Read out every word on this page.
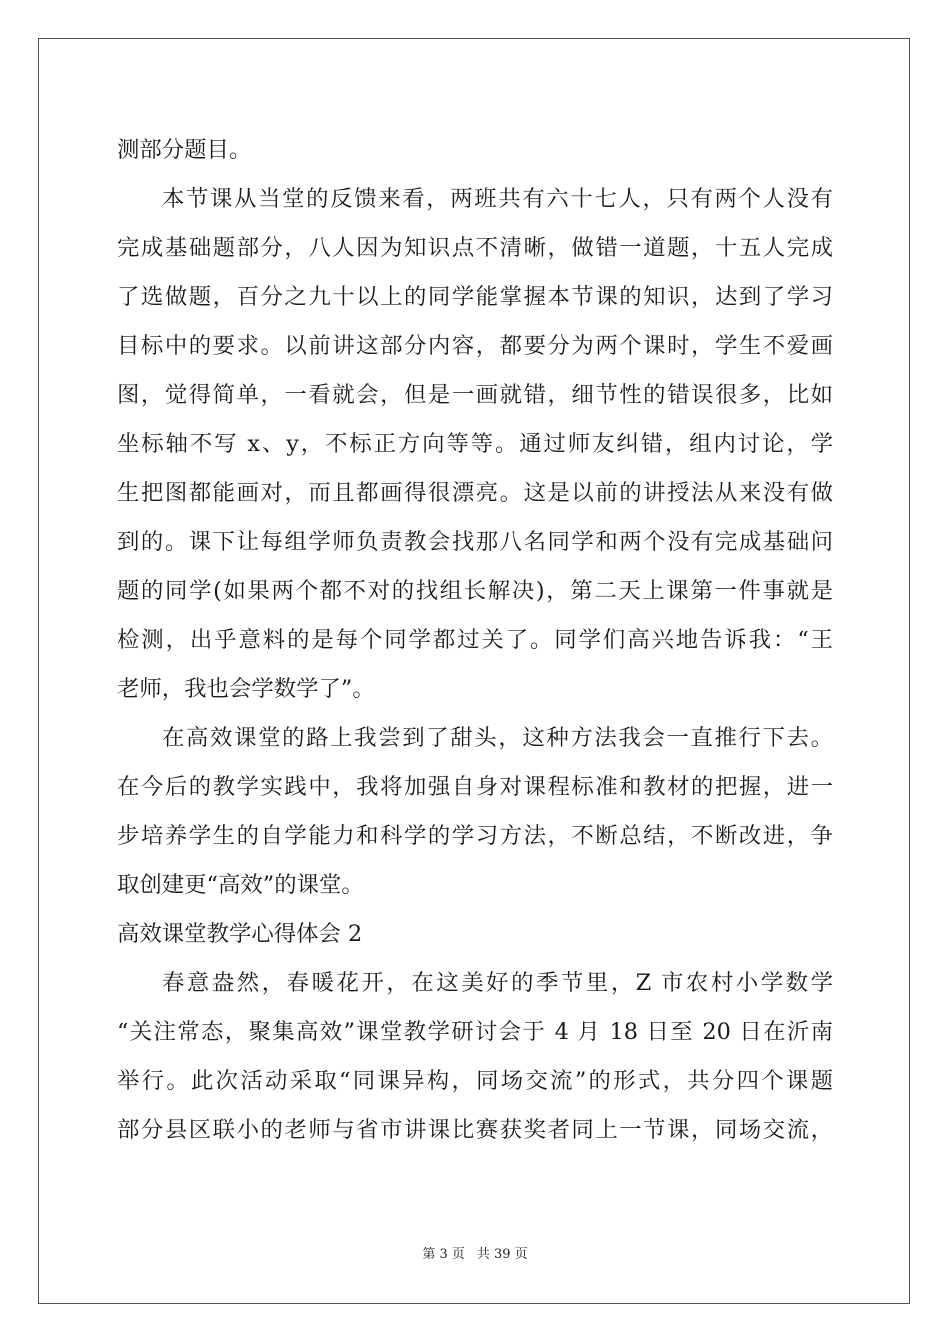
测部分题目。
本节课从当堂的反馈来看，两班共有六十七人，只有两个人没有
完成基础题部分，八人因为知识点不清晰，做错一道题，十五人完成
了选做题，百分之九十以上的同学能掌握本节课的知识，达到了学习
目标中的要求。以前讲这部分内容，都要分为两个课时，学生不爱画
图，觉得简单，一看就会，但是一画就错，细节性的错误很多，比如
坐标轴不写 x、y，不标正方向等等。通过师友纠错，组内讨论，学
生把图都能画对，而且都画得很漂亮。这是以前的讲授法从来没有做
到的。课下让每组学师负责教会找那八名同学和两个没有完成基础问
题的同学(如果两个都不对的找组长解决)，第二天上课第一件事就是
检测，出乎意料的是每个同学都过关了。同学们高兴地告诉我：“王
老师，我也会学数学了”。
在高效课堂的路上我尝到了甜头，这种方法我会一直推行下去。
在今后的教学实践中，我将加强自身对课程标准和教材的把握，进一
步培养学生的自学能力和科学的学习方法，不断总结，不断改进，争
取创建更“高效”的课堂。
高效课堂教学心得体会 2
春意盎然，春暖花开，在这美好的季节里，Z 市农村小学数学
“关注常态，聚集高效”课堂教学研讨会于 4 月 18 日至 20 日在沂南
举行。此次活动采取“同课异构，同场交流”的形式，共分四个课题
部分县区联小的老师与省市讲课比赛获奖者同上一节课，同场交流，
第 3 页 共 39 页
